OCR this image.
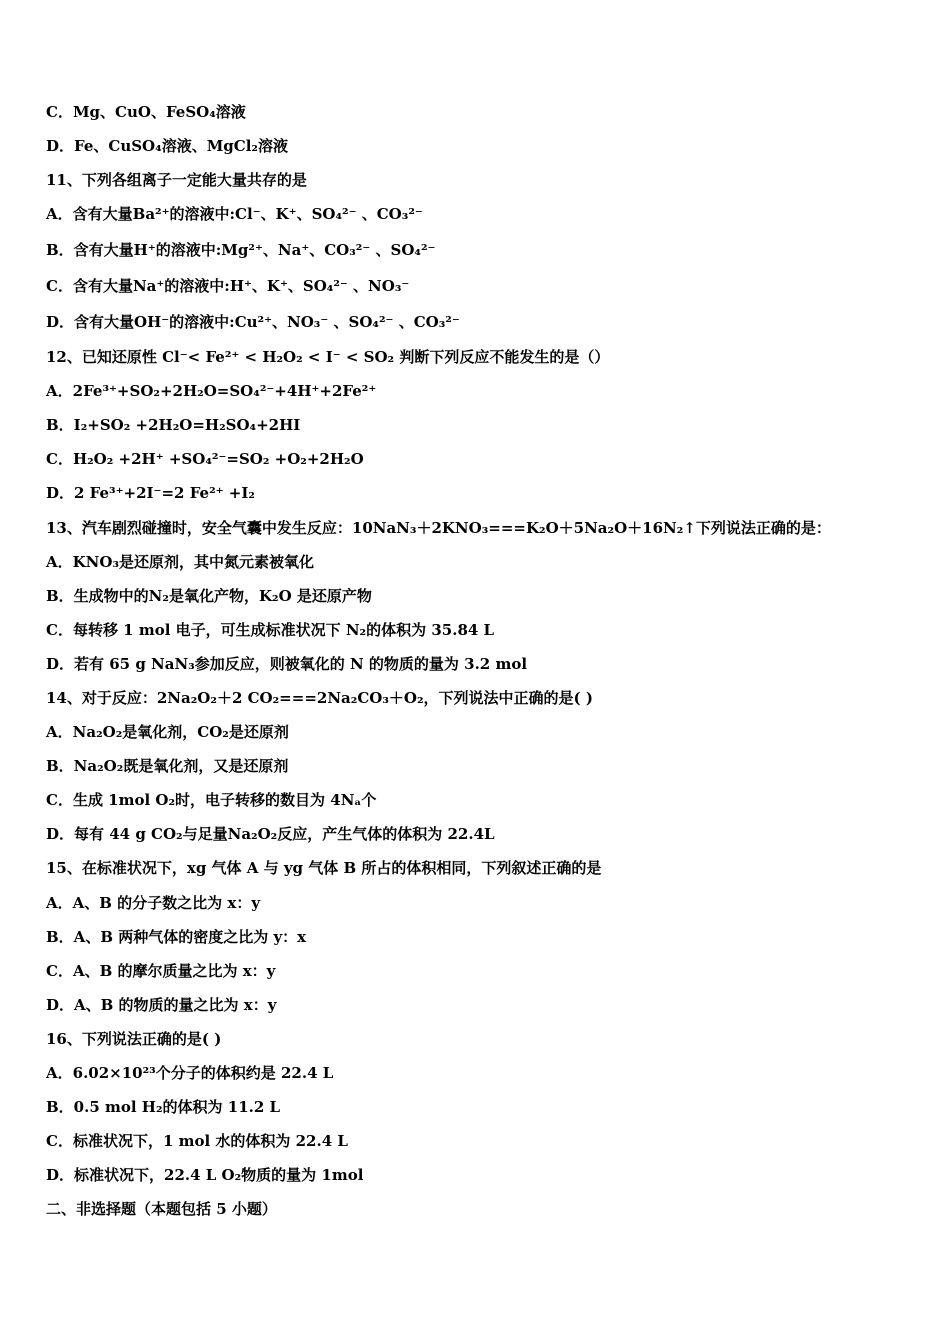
C．Mg、CuO、FeSO₄溶液
D．Fe、CuSO₄溶液、MgCl₂溶液
11、下列各组离子一定能大量共存的是
A．含有大量Ba²⁺的溶液中:Cl⁻、K⁺、SO₄²⁻ 、CO₃²⁻
B．含有大量H⁺的溶液中:Mg²⁺、Na⁺、CO₃²⁻ 、SO₄²⁻
C．含有大量Na⁺的溶液中:H⁺、K⁺、SO₄²⁻ 、NO₃⁻
D．含有大量OH⁻的溶液中:Cu²⁺、NO₃⁻ 、SO₄²⁻ 、CO₃²⁻
12、已知还原性 Cl⁻< Fe²⁺ < H₂O₂ < I⁻ < SO₂ 判断下列反应不能发生的是（）
A．2Fe³⁺+SO₂+2H₂O=SO₄²⁻+4H⁺+2Fe²⁺
B．I₂+SO₂ +2H₂O=H₂SO₄+2HI
C．H₂O₂ +2H⁺ +SO₄²⁻=SO₂ +O₂+2H₂O
D．2 Fe³⁺+2I⁻=2 Fe²⁺ +I₂
13、汽车剧烈碰撞时，安全气囊中发生反应：10NaN₃＋2KNO₃===K₂O＋5Na₂O＋16N₂↑下列说法正确的是：
A．KNO₃是还原剂，其中氮元素被氧化
B．生成物中的N₂是氧化产物，K₂O 是还原产物
C．每转移 1 mol 电子，可生成标准状况下 N₂的体积为 35.84 L
D．若有 65 g NaN₃参加反应，则被氧化的 N 的物质的量为 3.2 mol
14、对于反应：2Na₂O₂＋2 CO₂===2Na₂CO₃＋O₂，下列说法中正确的是( )
A．Na₂O₂是氧化剂，CO₂是还原剂
B．Na₂O₂既是氧化剂，又是还原剂
C．生成 1mol O₂时，电子转移的数目为 4Nₐ个
D．每有 44 g CO₂与足量Na₂O₂反应，产生气体的体积为 22.4L
15、在标准状况下，xg 气体 A 与 yg 气体 B 所占的体积相同，下列叙述正确的是
A．A、B 的分子数之比为 x：y
B．A、B 两种气体的密度之比为 y：x
C．A、B 的摩尔质量之比为 x：y
D．A、B 的物质的量之比为 x：y
16、下列说法正确的是( )
A．6.02×10²³个分子的体积约是 22.4 L
B．0.5 mol H₂的体积为 11.2 L
C．标准状况下，1 mol 水的体积为 22.4 L
D．标准状况下，22.4 L O₂物质的量为 1mol
二、非选择题（本题包括 5 小题）
